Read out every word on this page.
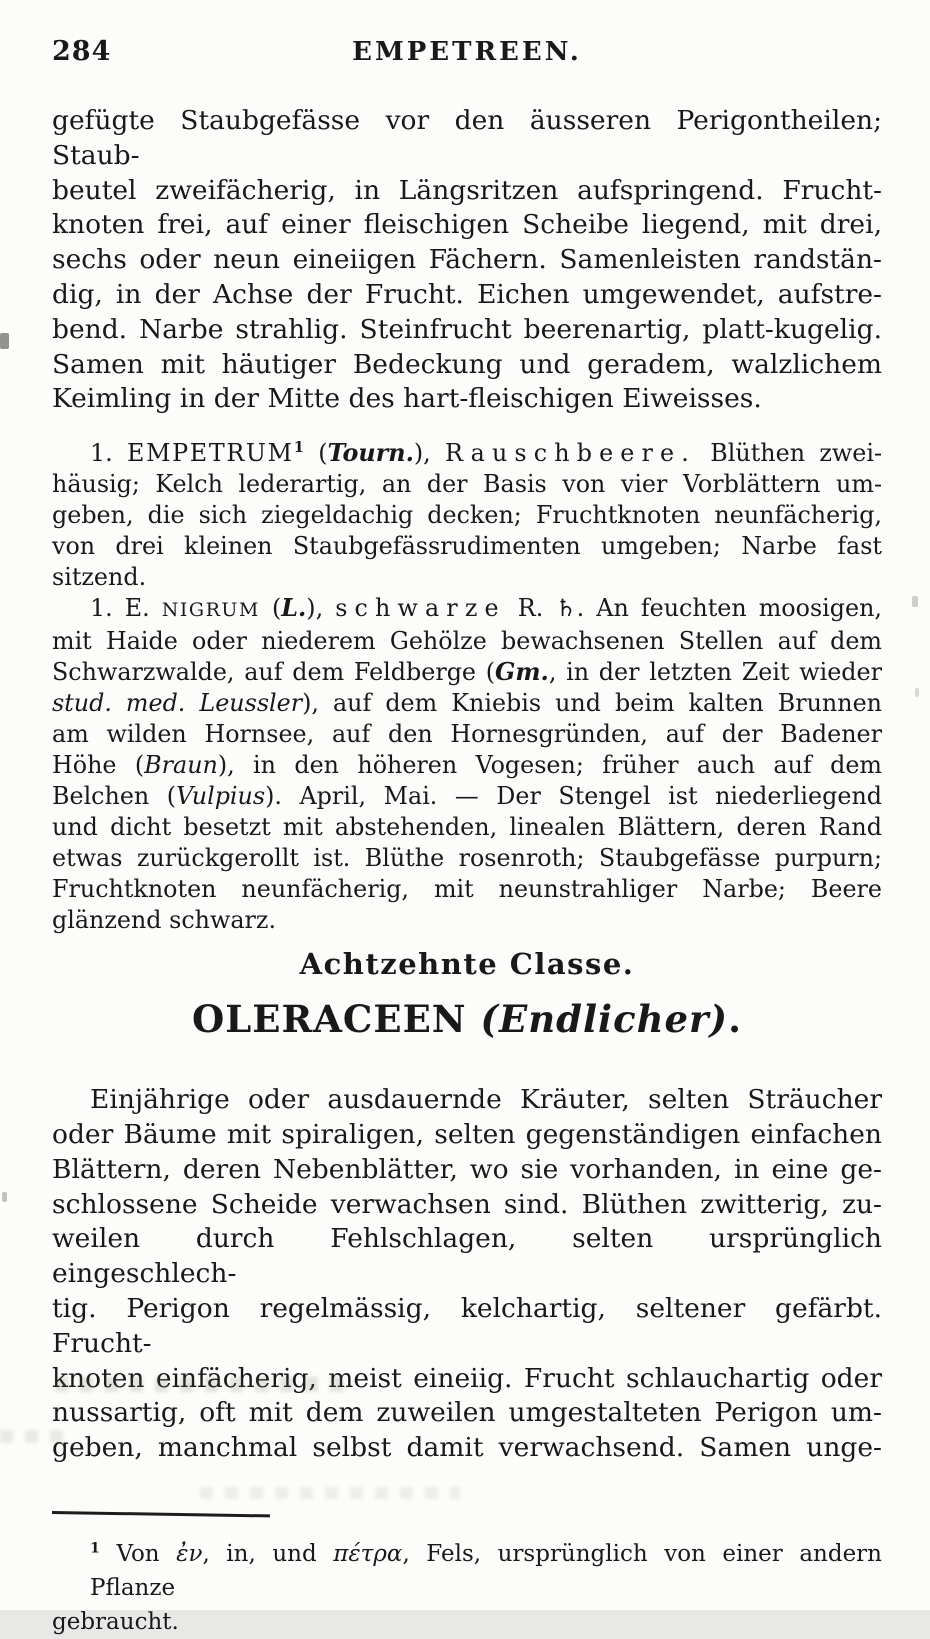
284	EMPETREEN.
gefügte Staubgefässe vor den äusseren Perigontheilen; Staub-
beutel zweifächerig, in Längsritzen aufspringend. Frucht-
knoten frei, auf einer fleischigen Scheibe liegend, mit drei,
sechs oder neun eineiigen Fächern. Samenleisten randstän-
dig, in der Achse der Frucht. Eichen umgewendet, aufstre-
bend. Narbe strahlig. Steinfrucht beerenartig, platt-kugelig.
Samen mit häutiger Bedeckung und geradem, walzlichem
Keimling in der Mitte des hart-fleischigen Eiweisses.
1. EMPETRUM$^1$ (Tourn.), Rauschbeere. Blüthen zwei-
häusig; Kelch lederartig, an der Basis von vier Vorblättern um-
geben, die sich ziegeldachig decken; Fruchtknoten neunfächerig,
von drei kleinen Staubgefässrudimenten umgeben; Narbe fast
sitzend.
1. E. NIGRUM (L.), schwarze R. ♄. An feuchten moosigen,
mit Haide oder niederem Gehölze bewachsenen Stellen auf dem
Schwarzwalde, auf dem Feldberge (Gm., in der letzten Zeit wieder
stud. med. Leussler), auf dem Kniebis und beim kalten Brunnen
am wilden Hornsee, auf den Hornesgründen, auf der Badener
Höhe (Braun), in den höheren Vogesen; früher auch auf dem
Belchen (Vulpius). April, Mai. — Der Stengel ist niederliegend
und dicht besetzt mit abstehenden, linealen Blättern, deren Rand
etwas zurückgerollt ist. Blüthe rosenroth; Staubgefässe purpurn;
Fruchtknoten neunfächerig, mit neunstrahliger Narbe; Beere
glänzend schwarz.
Achtzehnte Classe.
OLERACEEN (Endlicher).
Einjährige oder ausdauernde Kräuter, selten Sträucher
oder Bäume mit spiraligen, selten gegenständigen einfachen
Blättern, deren Nebenblätter, wo sie vorhanden, in eine ge-
schlossene Scheide verwachsen sind. Blüthen zwitterig, zu-
weilen durch Fehlschlagen, selten ursprünglich eingeschlech-
tig. Perigon regelmässig, kelchartig, seltener gefärbt. Frucht-
knoten einfächerig, meist eineiig. Frucht schlauchartig oder
nussartig, oft mit dem zuweilen umgestalteten Perigon um-
geben, manchmal selbst damit verwachsend. Samen unge-
$^1$ Von ἐν, in, und πέτρα, Fels, ursprünglich von einer andern Pflanze
gebraucht.
